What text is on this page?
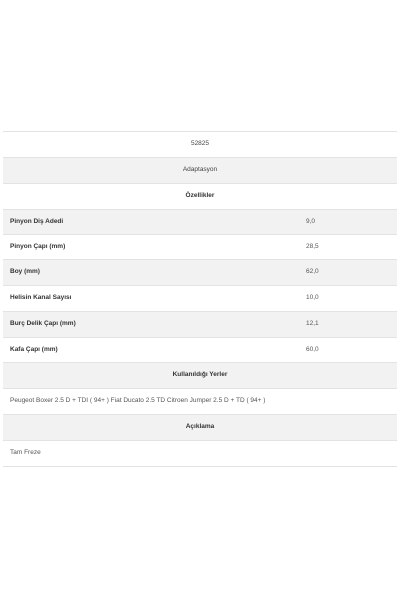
52825
Adaptasyon
Özellikler
Pinyon Diş Adedi	9,0
Pinyon Çapı (mm)	28,5
Boy (mm)	62,0
Helisin Kanal Sayısı	10,0
Burç Delik Çapı (mm)	12,1
Kafa Çapı (mm)	60,0
Kullanıldığı Yerler
Peugeot Boxer 2.5 D + TDI ( 94+ ) Fiat Ducato 2.5 TD Citroen Jumper 2.5 D + TD ( 94+ )
Açıklama
Tam Freze
